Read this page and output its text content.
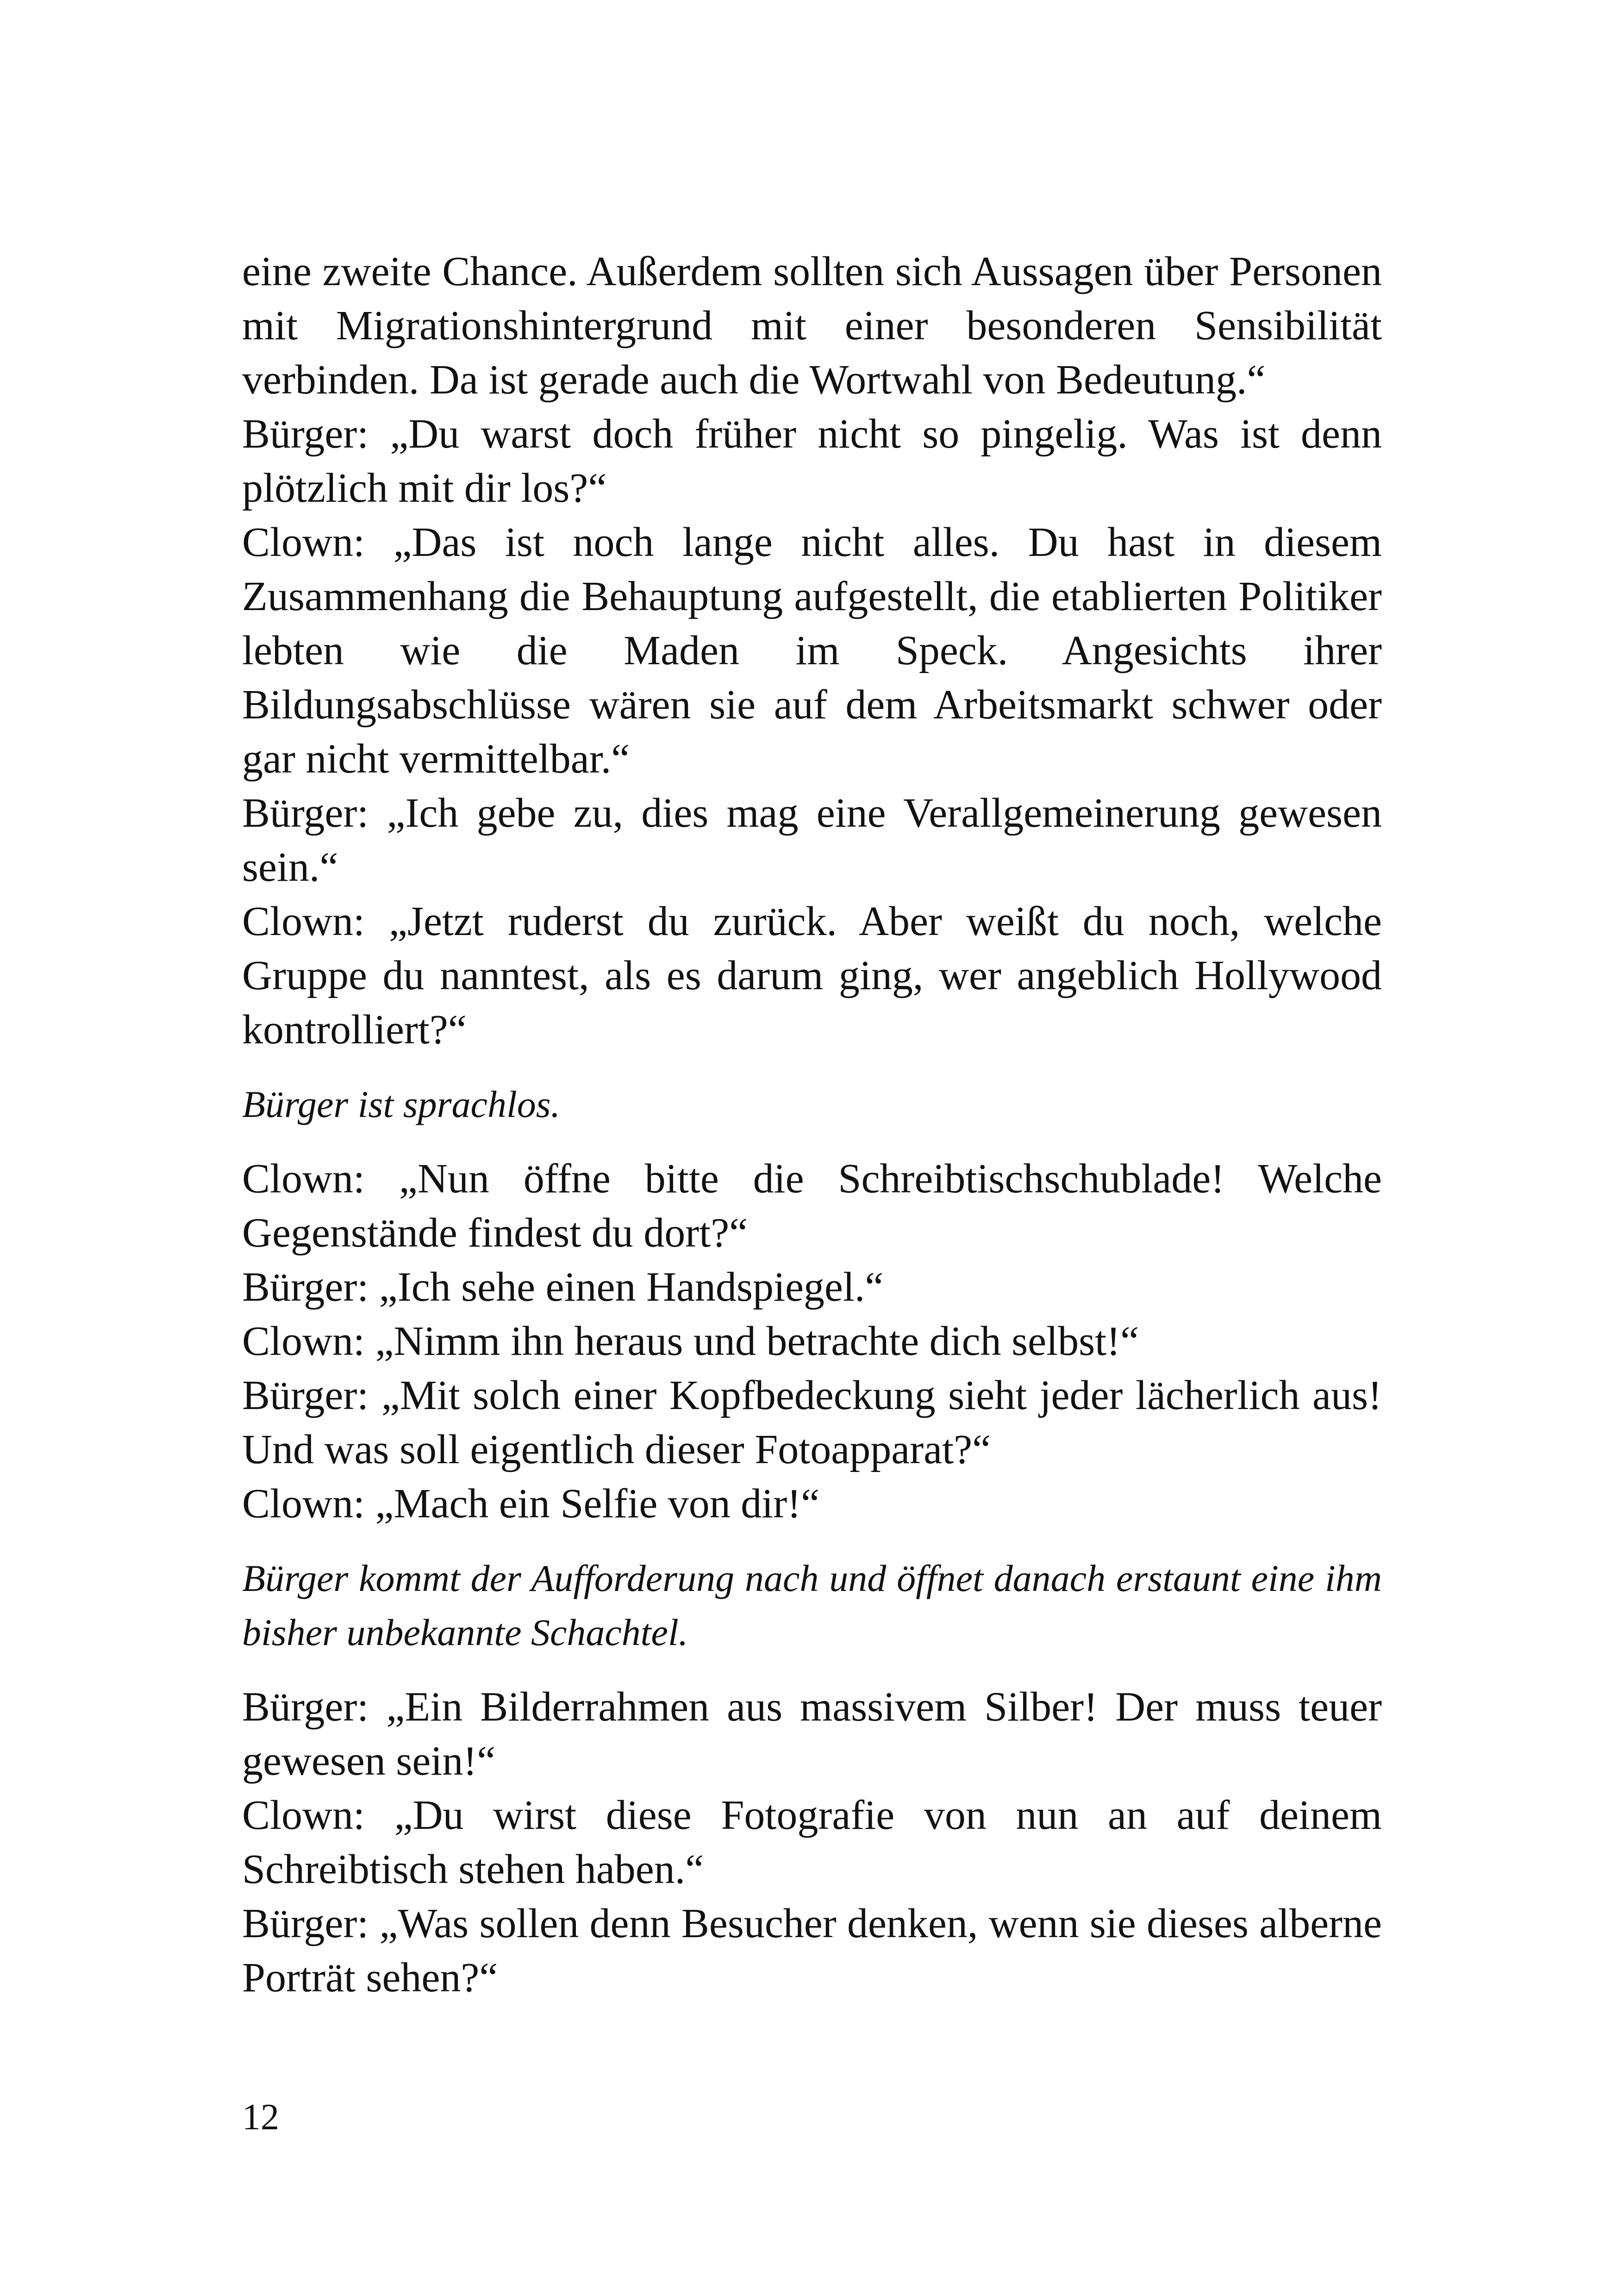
eine zweite Chance. Außerdem sollten sich Aussagen über Personen mit Migrationshintergrund mit einer besonderen Sensibilität verbinden. Da ist gerade auch die Wortwahl von Bedeutung.“

Bürger: „Du warst doch früher nicht so pingelig. Was ist denn plötzlich mit dir los?“

Clown: „Das ist noch lange nicht alles. Du hast in diesem Zusammenhang die Behauptung aufgestellt, die etablierten Politiker lebten wie die Maden im Speck. Angesichts ihrer Bildungsabschlüsse wären sie auf dem Arbeitsmarkt schwer oder gar nicht vermittelbar.“

Bürger: „Ich gebe zu, dies mag eine Verallgemeinerung gewesen sein.“

Clown: „Jetzt ruderst du zurück. Aber weißt du noch, welche Gruppe du nanntest, als es darum ging, wer angeblich Hollywood kontrolliert?“

Bürger ist sprachlos.

Clown: „Nun öffne bitte die Schreibtischschublade! Welche Gegenstände findest du dort?“

Bürger: „Ich sehe einen Handspiegel.“

Clown: „Nimm ihn heraus und betrachte dich selbst!“

Bürger: „Mit solch einer Kopfbedeckung sieht jeder lächerlich aus! Und was soll eigentlich dieser Fotoapparat?“

Clown: „Mach ein Selfie von dir!“

Bürger kommt der Aufforderung nach und öffnet danach erstaunt eine ihm bisher unbekannte Schachtel.

Bürger: „Ein Bilderrahmen aus massivem Silber! Der muss teuer gewesen sein!“

Clown: „Du wirst diese Fotografie von nun an auf deinem Schreibtisch stehen haben.“

Bürger: „Was sollen denn Besucher denken, wenn sie dieses alberne Porträt sehen?“

12
